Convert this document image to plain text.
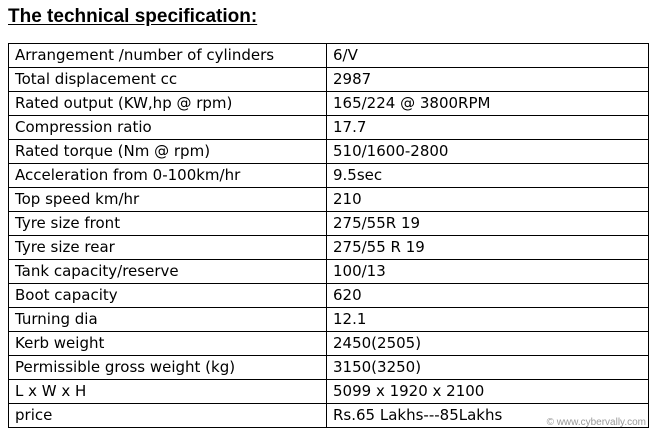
The technical specification:
Arrangement /number of cylinders	6/V
Total displacement cc	2987
Rated output (KW,hp @ rpm)	165/224 @ 3800RPM
Compression ratio	17.7
Rated torque (Nm @ rpm)	510/1600-2800
Acceleration from 0-100km/hr	9.5sec
Top speed km/hr	210
Tyre size front	275/55R 19
Tyre size rear	275/55 R 19
Tank capacity/reserve	100/13
Boot capacity	620
Turning dia	12.1
Kerb weight	2450(2505)
Permissible gross weight (kg)	3150(3250)
L x W x H	5099 x 1920 x 2100
price	Rs.65 Lakhs---85Lakhs	© www.cybervally.com
